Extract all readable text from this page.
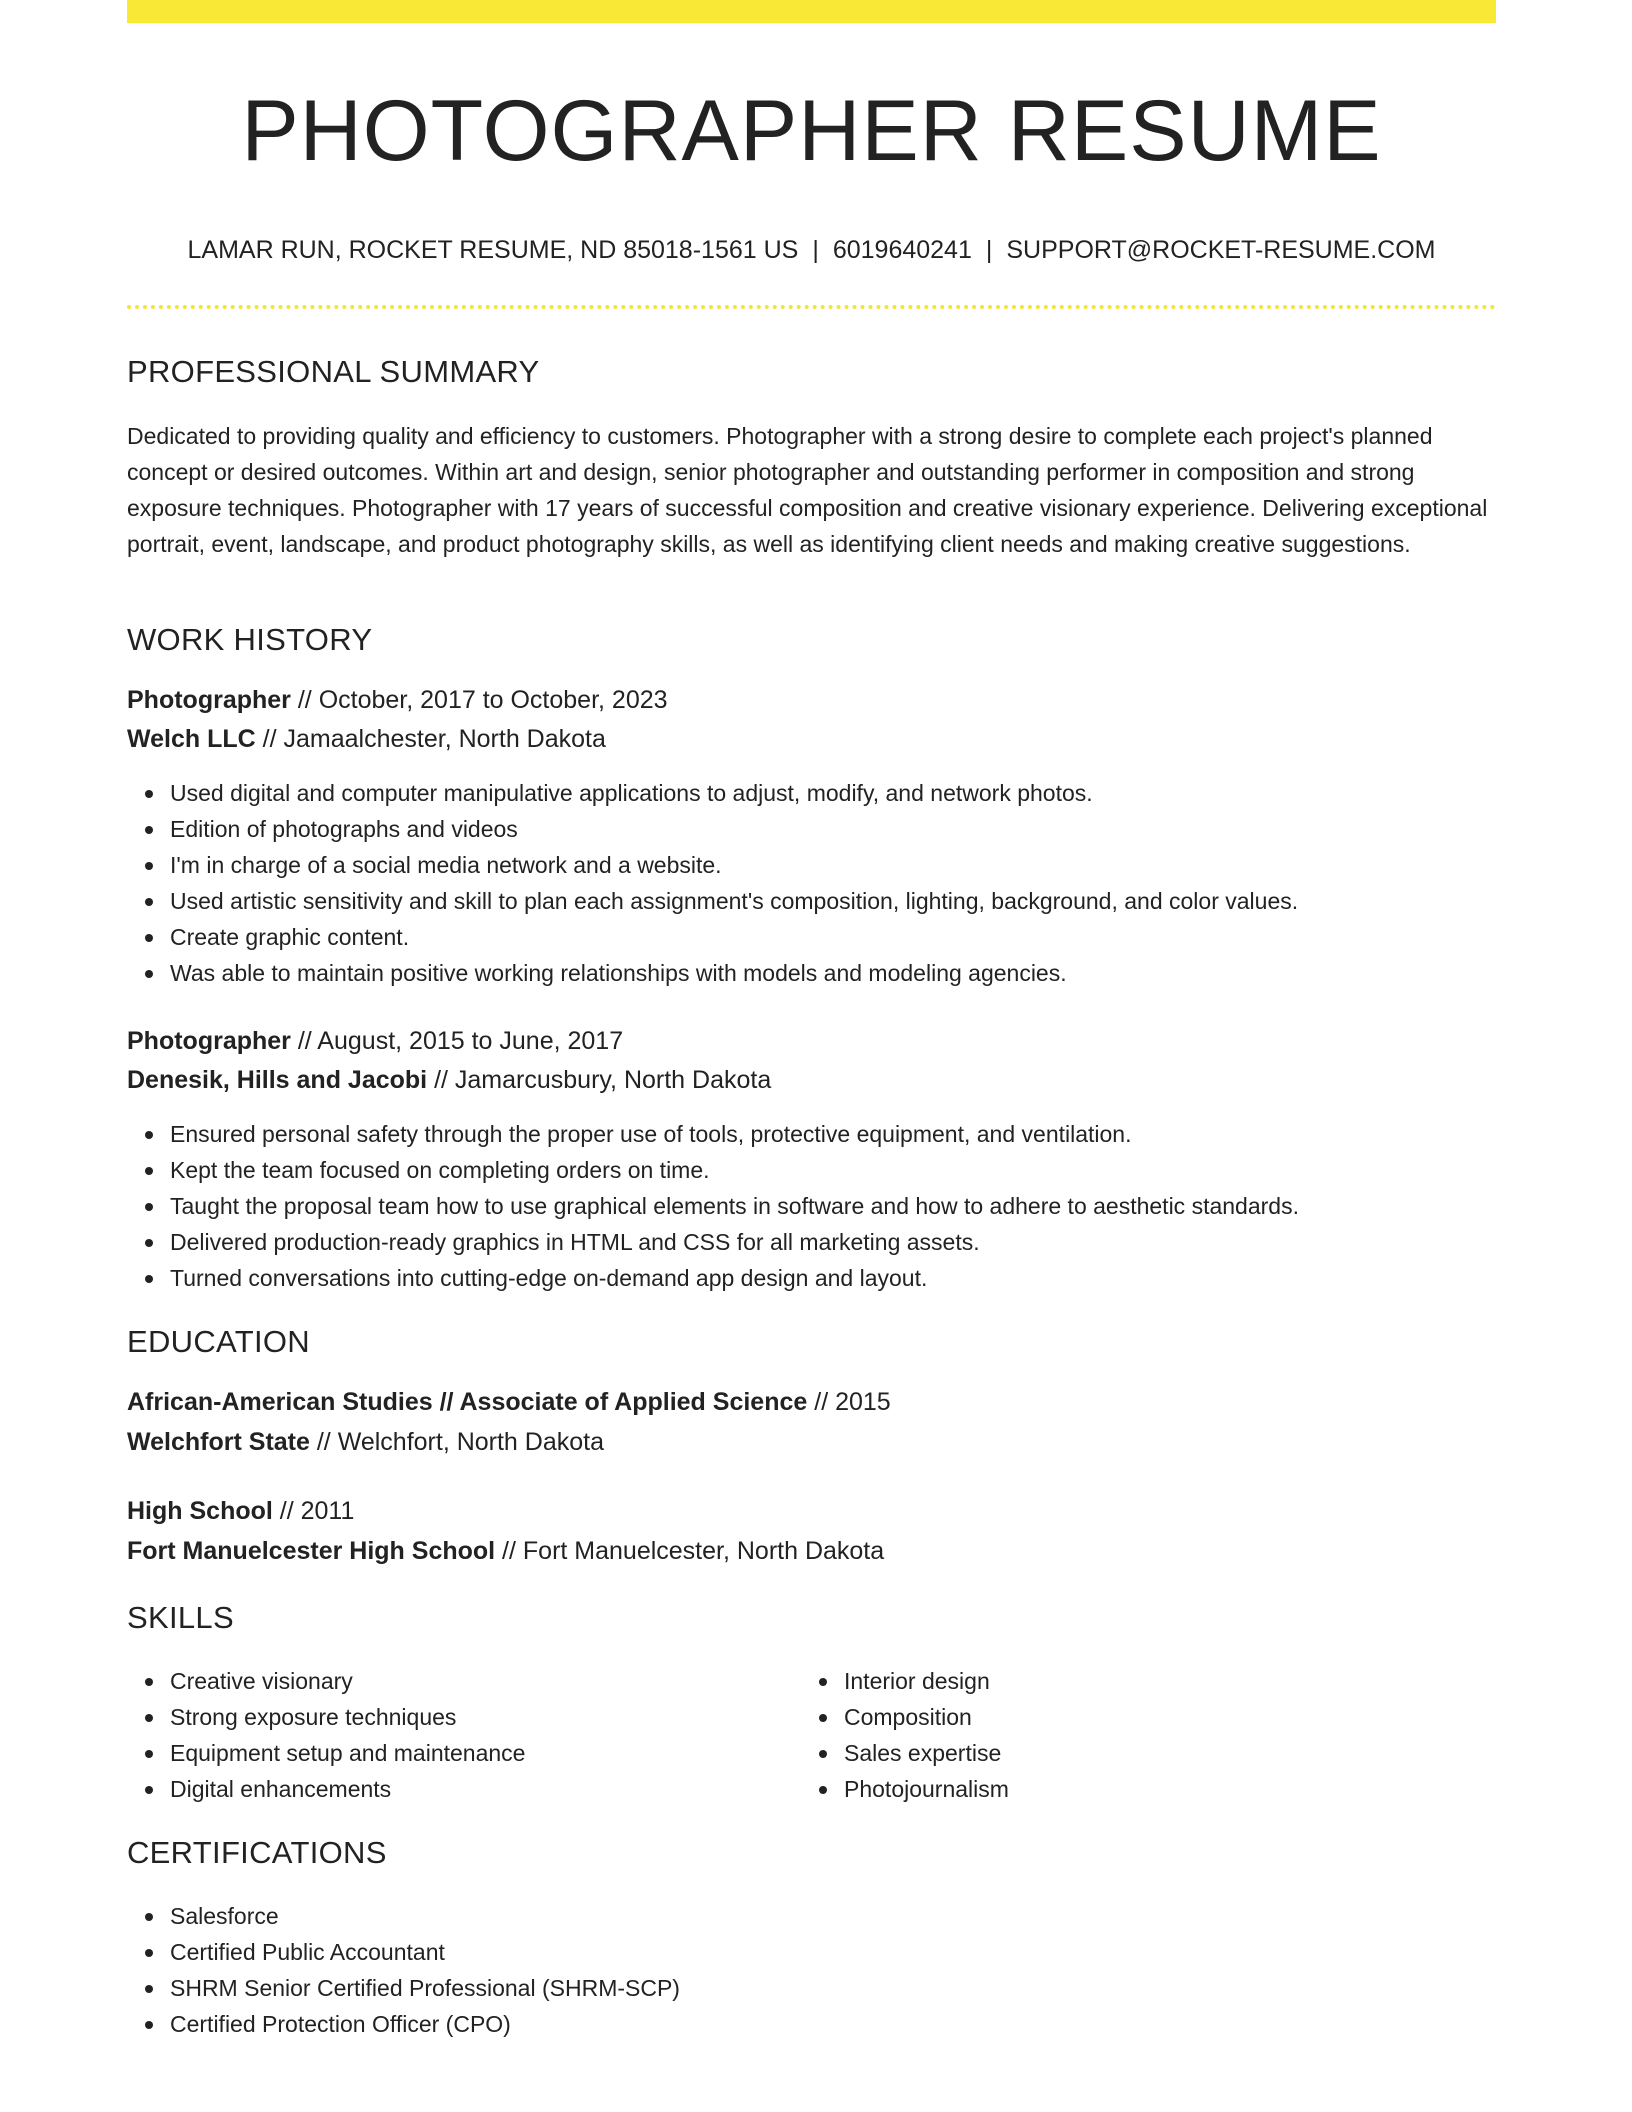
PHOTOGRAPHER RESUME
LAMAR RUN, ROCKET RESUME, ND 85018-1561 US | 6019640241 | SUPPORT@ROCKET-RESUME.COM
PROFESSIONAL SUMMARY

Dedicated to providing quality and efficiency to customers. Photographer with a strong desire to complete each project's planned concept or desired outcomes. Within art and design, senior photographer and outstanding performer in composition and strong exposure techniques. Photographer with 17 years of successful composition and creative visionary experience. Delivering exceptional portrait, event, landscape, and product photography skills, as well as identifying client needs and making creative suggestions.

WORK HISTORY
Photographer // October, 2017 to October, 2023
Welch LLC // Jamaalchester, North Dakota
Used digital and computer manipulative applications to adjust, modify, and network photos.
Edition of photographs and videos
I'm in charge of a social media network and a website.
Used artistic sensitivity and skill to plan each assignment's composition, lighting, background, and color values.
Create graphic content.
Was able to maintain positive working relationships with models and modeling agencies.
Photographer // August, 2015 to June, 2017
Denesik, Hills and Jacobi // Jamarcusbury, North Dakota
Ensured personal safety through the proper use of tools, protective equipment, and ventilation.
Kept the team focused on completing orders on time.
Taught the proposal team how to use graphical elements in software and how to adhere to aesthetic standards.
Delivered production-ready graphics in HTML and CSS for all marketing assets.
Turned conversations into cutting-edge on-demand app design and layout.
EDUCATION
African-American Studies // Associate of Applied Science // 2015
Welchfort State // Welchfort, North Dakota
High School // 2011
Fort Manuelcester High School // Fort Manuelcester, North Dakota
SKILLS
Creative visionary
Strong exposure techniques
Equipment setup and maintenance
Digital enhancements
Interior design
Composition
Sales expertise
Photojournalism
CERTIFICATIONS
Salesforce
Certified Public Accountant
SHRM Senior Certified Professional (SHRM-SCP)
Certified Protection Officer (CPO)
